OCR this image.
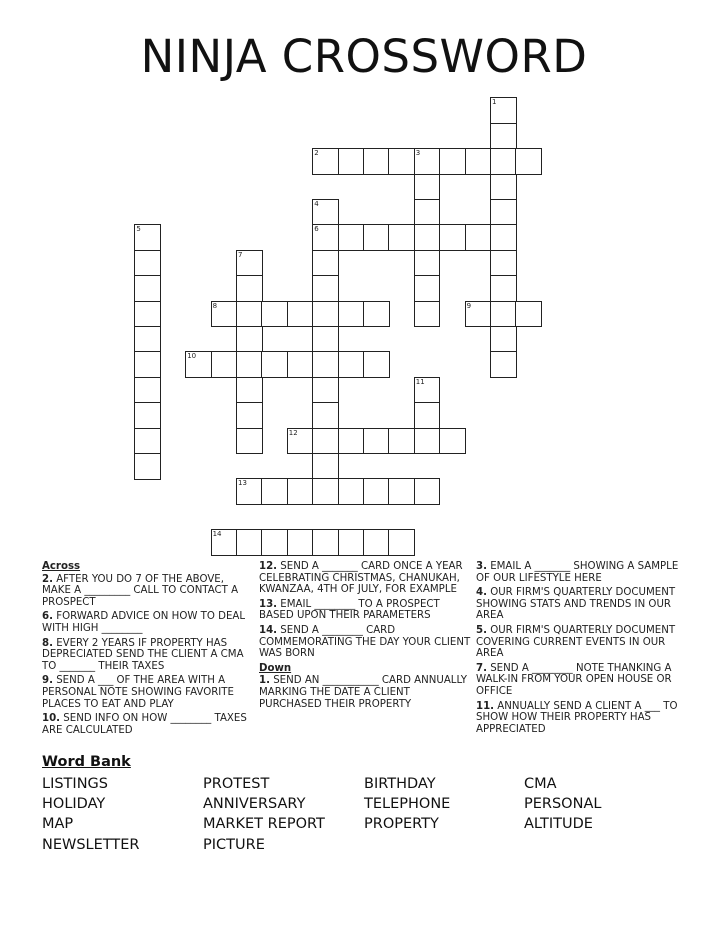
NINJA CROSSWORD
1
2	3
4
6
5
7
8	9
10
11
12
13
14
Across
2. AFTER YOU DO 7 OF THE ABOVE, MAKE A _________ CALL TO CONTACT A PROSPECT
6. FORWARD ADVICE ON HOW TO DEAL WITH HIGH ________
8. EVERY 2 YEARS IF PROPERTY HAS DEPRECIATED SEND THE CLIENT A CMA TO _______ THEIR TAXES
9. SEND A ___ OF THE AREA WITH A PERSONAL NOTE SHOWING FAVORITE PLACES TO EAT AND PLAY
10. SEND INFO ON HOW ________ TAXES ARE CALCULATED
12. SEND A _______ CARD ONCE A YEAR CELEBRATING CHRISTMAS, CHANUKAH, KWANZAA, 4TH OF JULY, FOR EXAMPLE
13. EMAIL ________ TO A PROSPECT BASED UPON THEIR PARAMETERS
14. SEND A ________ CARD COMMEMORATING THE DAY YOUR CLIENT WAS BORN
Down
1. SEND AN ___________ CARD ANNUALLY MARKING THE DATE A CLIENT PURCHASED THEIR PROPERTY
3. EMAIL A _______ SHOWING A SAMPLE OF OUR LIFESTYLE HERE
4. OUR FIRM'S QUARTERLY DOCUMENT SHOWING STATS AND TRENDS IN OUR AREA
5. OUR FIRM'S QUARTERLY DOCUMENT COVERING CURRENT EVENTS IN OUR AREA
7. SEND A ________ NOTE THANKING A WALK-IN FROM YOUR OPEN HOUSE OR OFFICE
11. ANNUALLY SEND A CLIENT A ___ TO SHOW HOW THEIR PROPERTY HAS APPRECIATED
Word Bank
LISTINGS
HOLIDAY
MAP
NEWSLETTER
PROTEST
ANNIVERSARY
MARKET REPORT
PICTURE
BIRTHDAY
TELEPHONE
PROPERTY
CMA
PERSONAL
ALTITUDE
